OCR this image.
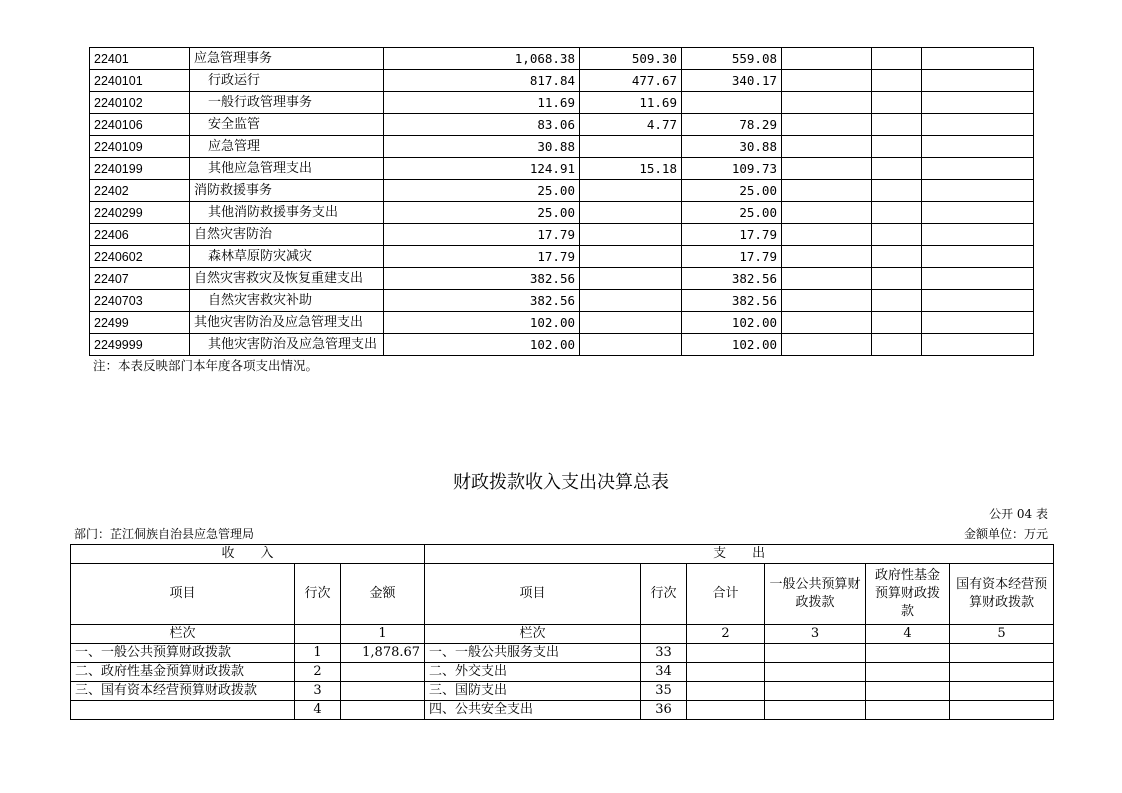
22401	应急管理事务	1,068.38	509.30	559.08			
2240101	行政运行	817.84	477.67	340.17			
2240102	一般行政管理事务	11.69	11.69				
2240106	安全监管	83.06	4.77	78.29			
2240109	应急管理	30.88		30.88			
2240199	其他应急管理支出	124.91	15.18	109.73			
22402	消防救援事务	25.00		25.00			
2240299	其他消防救援事务支出	25.00		25.00			
22406	自然灾害防治	17.79		17.79			
2240602	森林草原防灾减灾	17.79		17.79			
22407	自然灾害救灾及恢复重建支出	382.56		382.56			
2240703	自然灾害救灾补助	382.56		382.56			
22499	其他灾害防治及应急管理支出	102.00		102.00			
2249999	其他灾害防治及应急管理支出	102.00		102.00			
注：本表反映部门本年度各项支出情况。
财政拨款收入支出决算总表
公开 04 表
部门：芷江侗族自治县应急管理局	金额单位：万元
收　　入			支　　出					
项目	行次	金额	项目	行次	合计	一般公共预算财政拨款	政府性基金预算财政拨款	国有资本经营预算财政拨款
栏次		1	栏次		2	3	4	5
一、一般公共预算财政拨款	1	1,878.67	一、一般公共服务支出	33				
二、政府性基金预算财政拨款	2		二、外交支出	34				
三、国有资本经营预算财政拨款	3		三、国防支出	35				
	4		四、公共安全支出	36				
